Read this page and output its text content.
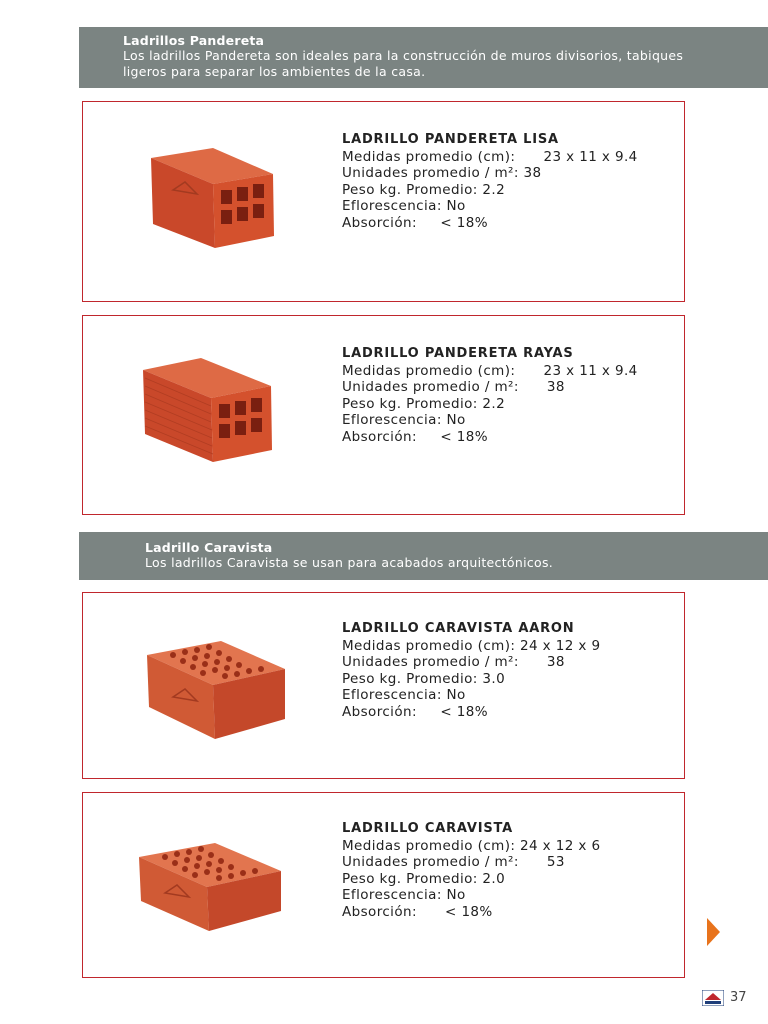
Ladrillos Pandereta
Los ladrillos Pandereta son ideales para la construcción de muros divisorios, tabiques
ligeros para separar los ambientes de la casa.
LADRILLO PANDERETA LISA
Medidas promedio (cm):      23 x 11 x 9.4
Unidades promedio / m²: 38
Peso kg. Promedio: 2.2
Eflorescencia: No
Absorción:     < 18%
LADRILLO PANDERETA RAYAS
Medidas promedio (cm):      23 x 11 x 9.4
Unidades promedio / m²:      38
Peso kg. Promedio: 2.2
Eflorescencia: No
Absorción:     < 18%
Ladrillo Caravista
Los ladrillos Caravista se usan para acabados arquitectónicos.
LADRILLO CARAVISTA AARON
Medidas promedio (cm): 24 x 12 x 9
Unidades promedio / m²:      38
Peso kg. Promedio: 3.0
Eflorescencia: No
Absorción:     < 18%
LADRILLO CARAVISTA
Medidas promedio (cm): 24 x 12 x 6
Unidades promedio / m²:      53
Peso kg. Promedio: 2.0
Eflorescencia: No
Absorción:      < 18%
37
